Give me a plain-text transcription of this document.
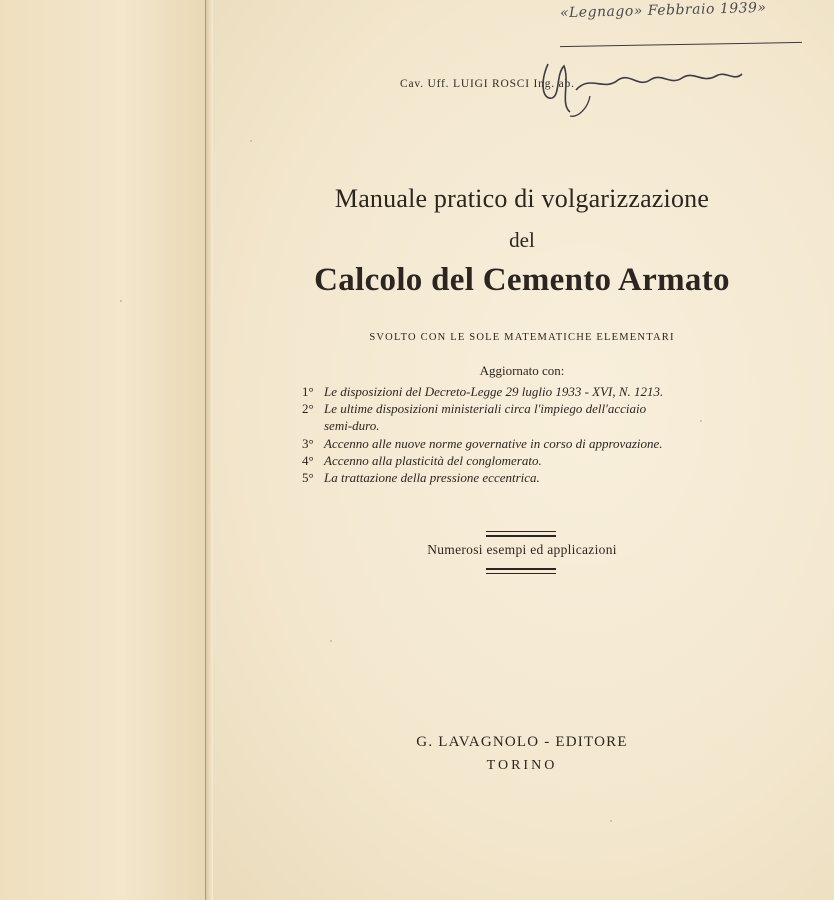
«Legnago» Febbraio 1939»
Cav. Uff. LUIGI ROSCI Ing. ab.
Manuale pratico di volgarizzazione
del
Calcolo del Cemento Armato
SVOLTO CON LE SOLE MATEMATICHE ELEMENTARI
Aggiornato con:
1° Le disposizioni del Decreto-Legge 29 luglio 1933 - XVI, N. 1213.
2° Le ultime disposizioni ministeriali circa l'impiego dell'acciaio
semi-duro.
3° Accenno alle nuove norme governative in corso di approvazione.
4° Accenno alla plasticità del conglomerato.
5° La trattazione della pressione eccentrica.
Numerosi esempi ed applicazioni
G. LAVAGNOLO - EDITORE
TORINO
